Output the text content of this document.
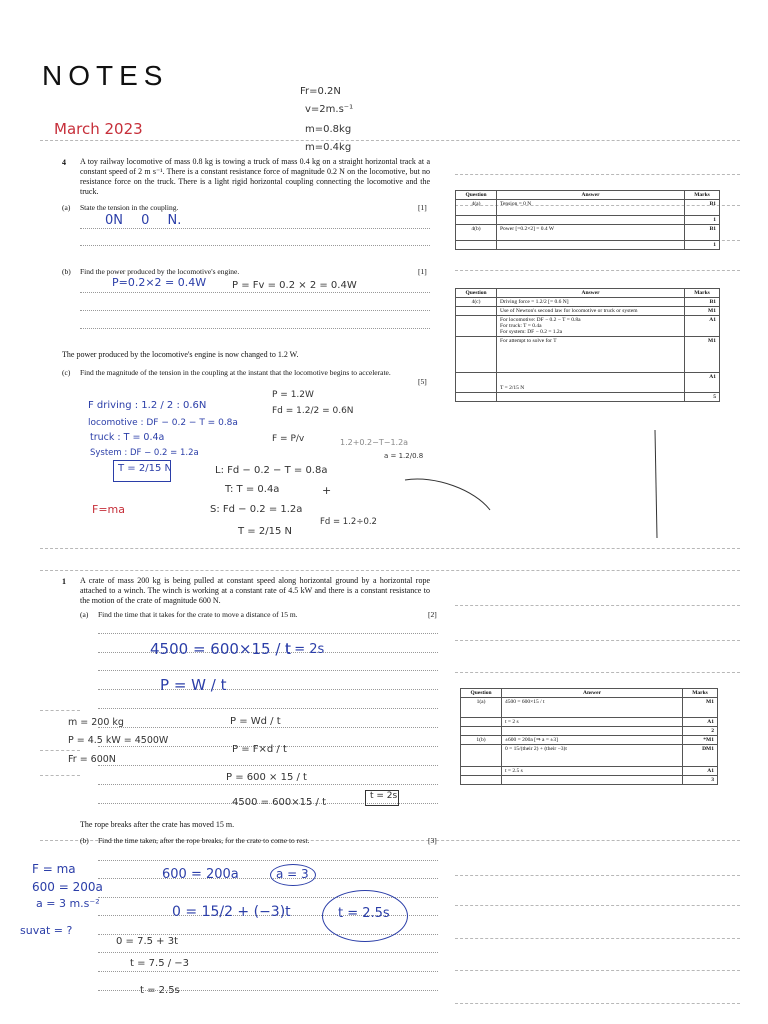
NOTES
Fr=0.2N
v=2m.s⁻¹
m=0.8kg
m=0.4kg
March 2023
4 A toy railway locomotive of mass 0.8 kg is towing a truck of mass 0.4 kg on a straight horizontal track at a constant speed of 2 m s⁻¹. There is a constant resistance force of magnitude 0.2 N on the locomotive, but no resistance force on the truck. There is a light rigid horizontal coupling connecting the locomotive and the truck.
(a) State the tension in the coupling.	[1]
0N 0 N.
(b) Find the power produced by the locomotive's engine.	[1]
P=0.2×2 = 0.4W	P = Fv = 0.2 × 2 = 0.4W
The power produced by the locomotive's engine is now changed to 1.2 W.
(c) Find the magnitude of the tension in the coupling at the instant that the locomotive begins to accelerate.
[5]
F driving : 1.2 / 2 : 0.6N
locomotive : DF − 0.2 − T = 0.8a
truck : T = 0.4a
System : DF − 0.2 = 1.2a
T = 2/15 N
F=ma
P = 1.2W
Fd = 1.2/2 = 0.6N
F = P/v	1.2+0.2−T−1.2a
a = 1.2/0.8
L: Fd − 0.2 − T = 0.8a
T: T = 0.4a	+
S: Fd − 0.2 = 1.2a
Fd = 1.2÷0.2
T = 2/15 N
Question	Answer	Marks
4(a)	Tension = 0 N	B1
		1
4(b)	Power [=0.2×2] = 0.4 W	B1
		1
Question	Answer	Marks
4(c)	Driving force = 1.2/2 [= 0.6 N]	B1
	Use of Newton's second law for locomotive or truck or system	M1
	For locomotive: DF − 0.2 − T = 0.8a
For truck: T = 0.4a
For system: DF − 0.2 = 1.2a	A1
	For attempt to solve for T	M1
	T = 2/15 N	A1
		5
1 A crate of mass 200 kg is being pulled at constant speed along horizontal ground by a horizontal rope attached to a winch. The winch is working at a constant rate of 4.5 kW and there is a constant resistance to the motion of the crate of magnitude 600 N.
(a) Find the time that it takes for the crate to move a distance of 15 m.	[2]
4500 = 600×15 / t
t = 2s
P = W / t
m = 200 kg
P = 4.5 kW = 4500W
Fr = 600N
P = Wd / t
P = F×d / t
P = 600 × 15 / t
4500 = 600×15 / t
t = 2s
The rope breaks after the crate has moved 15 m.
(b) Find the time taken, after the rope breaks, for the crate to come to rest.	[3]
F = ma
600 = 200a
a = 3 m.s⁻²
suvat = ?
600 = 200a	a = 3
0 = 15/2 + (−3)t	t = 2.5s
0 = 7.5 + 3t
t = 7.5 / −3
t = 2.5s
Question	Answer	Marks
1(a)	4500 = 600×15 / t	M1
	t = 2 s	A1
		2
1(b)	±600 = 200a [⇒ a = ±3]	*M1
	0 = 15/(their 2) + (their −3)t	DM1
	t = 2.5 s	A1
		3
